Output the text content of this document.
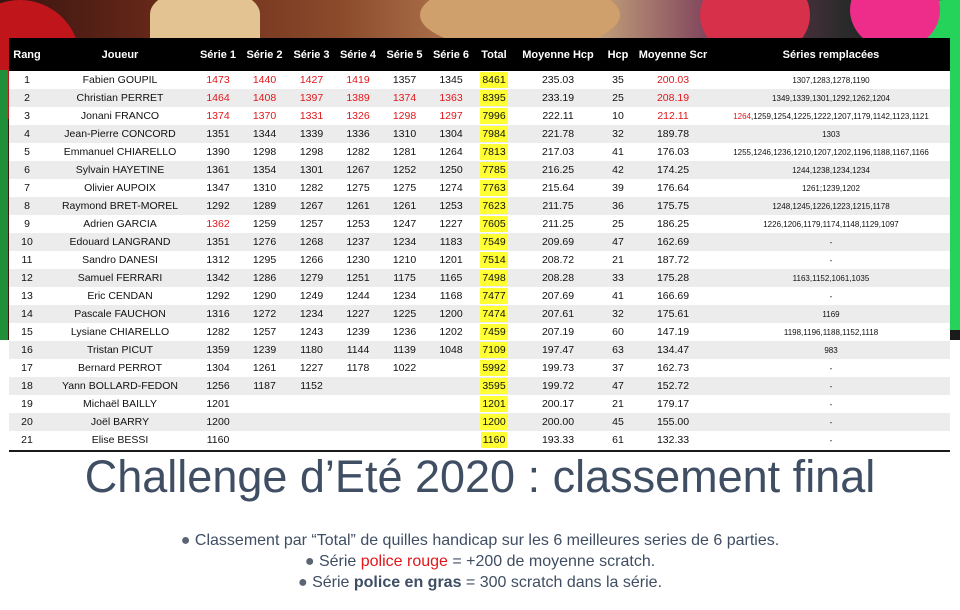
Rang	Joueur	Série 1	Série 2	Série 3	Série 4	Série 5	Série 6	Total	Moyenne Hcp	Hcp	Moyenne Scr	Séries remplacées
1	Fabien GOUPIL	1473	1440	1427	1419	1357	1345	8461	235.03	35	200.03	1307,1283,1278,1190
2	Christian PERRET	1464	1408	1397	1389	1374	1363	8395	233.19	25	208.19	1349,1339,1301,1292,1262,1204
3	Jonani FRANCO	1374	1370	1331	1326	1298	1297	7996	222.11	10	212.11	1264,1259,1254,1225,1222,1207,1179,1142,1123,1121
4	Jean-Pierre CONCORD	1351	1344	1339	1336	1310	1304	7984	221.78	32	189.78	1303
5	Emmanuel CHIARELLO	1390	1298	1298	1282	1281	1264	7813	217.03	41	176.03	1255,1246,1236,1210,1207,1202,1196,1188,1167,1166
6	Sylvain HAYETINE	1361	1354	1301	1267	1252	1250	7785	216.25	42	174.25	1244,1238,1234,1234
7	Olivier AUPOIX	1347	1310	1282	1275	1275	1274	7763	215.64	39	176.64	1261;1239,1202
8	Raymond BRET-MOREL	1292	1289	1267	1261	1261	1253	7623	211.75	36	175.75	1248,1245,1226,1223,1215,1178
9	Adrien GARCIA	1362	1259	1257	1253	1247	1227	7605	211.25	25	186.25	1226,1206,1179,1174,1148,1129,1097
10	Edouard LANGRAND	1351	1276	1268	1237	1234	1183	7549	209.69	47	162.69	-
11	Sandro DANESI	1312	1295	1266	1230	1210	1201	7514	208.72	21	187.72	-
12	Samuel FERRARI	1342	1286	1279	1251	1175	1165	7498	208.28	33	175.28	1163,1152,1061,1035
13	Eric CENDAN	1292	1290	1249	1244	1234	1168	7477	207.69	41	166.69	-
14	Pascale FAUCHON	1316	1272	1234	1227	1225	1200	7474	207.61	32	175.61	1169
15	Lysiane CHIARELLO	1282	1257	1243	1239	1236	1202	7459	207.19	60	147.19	1198,1196,1188,1152,1118
16	Tristan PICUT	1359	1239	1180	1144	1139	1048	7109	197.47	63	134.47	983
17	Bernard PERROT	1304	1261	1227	1178	1022		5992	199.73	37	162.73	-
18	Yann BOLLARD-FEDON	1256	1187	1152				3595	199.72	47	152.72	-
19	Michaël BAILLY	1201						1201	200.17	21	179.17	-
20	Joël BARRY	1200						1200	200.00	45	155.00	-
21	Elise BESSI	1160						1160	193.33	61	132.33	-
Challenge d’Eté 2020 : classement final
● Classement par “Total” de quilles handicap sur les 6 meilleures series de 6 parties.
● Série police rouge = +200 de moyenne scratch.
● Série police en gras = 300 scratch dans la série.
